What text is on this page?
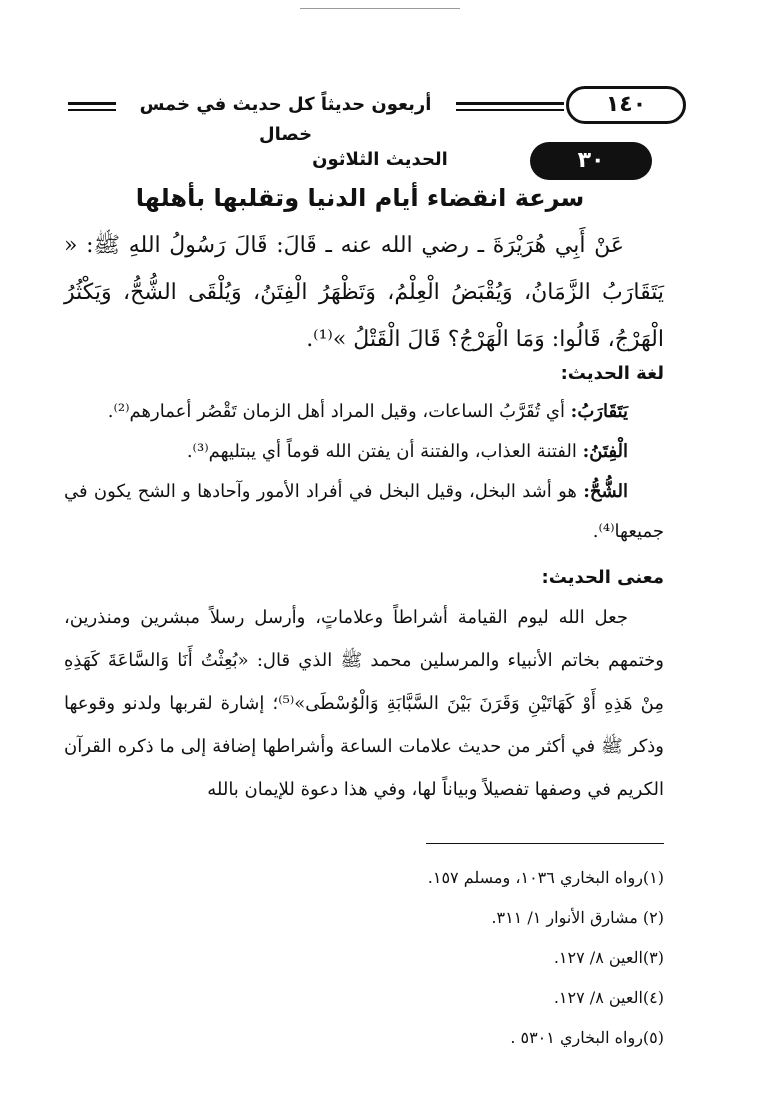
أربعون حديثاً كل حديث في خمس خصال
١٤٠
٣٠
الحديث الثلاثون
سرعة انقضاء أيام الدنيا وتقلبها بأهلها
عَنْ أَبِي هُرَيْرَةَ ـ رضي الله عنه ـ قَالَ: قَالَ رَسُولُ اللهِ ﷺ: « يَتَقَارَبُ الزَّمَانُ، وَيُقْبَضُ الْعِلْمُ، وَتَظْهَرُ الْفِتَنُ، وَيُلْقَى الشُّحُّ، وَيَكْثُرُ الْهَرْجُ، قَالُوا: وَمَا الْهَرْجُ؟ قَالَ الْقَتْلُ »⁽¹⁾.
لغة الحديث:

يَتَقَارَبُ: أي تُقَرَّبُ الساعات، وقيل المراد أهل الزمان تَقْصُر أعمارهم⁽²⁾.

الْفِتَنُ: الفتنة العذاب، والفتنة أن يفتن الله قوماً أي يبتليهم⁽³⁾.

الشُّحُّ: هو أشد البخل، وقيل البخل في أفراد الأمور وآحادها و الشح يكون في جميعها⁽⁴⁾.

معنى الحديث:
جعل الله ليوم القيامة أشراطاً وعلاماتٍ، وأرسل رسلاً مبشرين ومنذرين، وختمهم بخاتم الأنبياء والمرسلين محمد ﷺ الذي قال: «بُعِثْتُ أَنَا وَالسَّاعَةَ كَهَذِهِ مِنْ هَذِهِ أَوْ كَهَاتَيْنِ وَقَرَنَ بَيْنَ السَّبَّابَةِ وَالْوُسْطَى»⁽⁵⁾؛ إشارة لقربها ولدنو وقوعها وذكر ﷺ في أكثر من حديث علامات الساعة وأشراطها إضافة إلى ما ذكره القرآن الكريم في وصفها تفصيلاً وبياناً لها، وفي هذا دعوة للإيمان بالله

(١)رواه البخاري ١٠٣٦، ومسلم ١٥٧.

(٢) مشارق الأنوار ١/ ٣١١.

(٣)العين ٨/ ١٢٧.

(٤)العين ٨/ ١٢٧.

(٥)رواه البخاري ٥٣٠١ .
